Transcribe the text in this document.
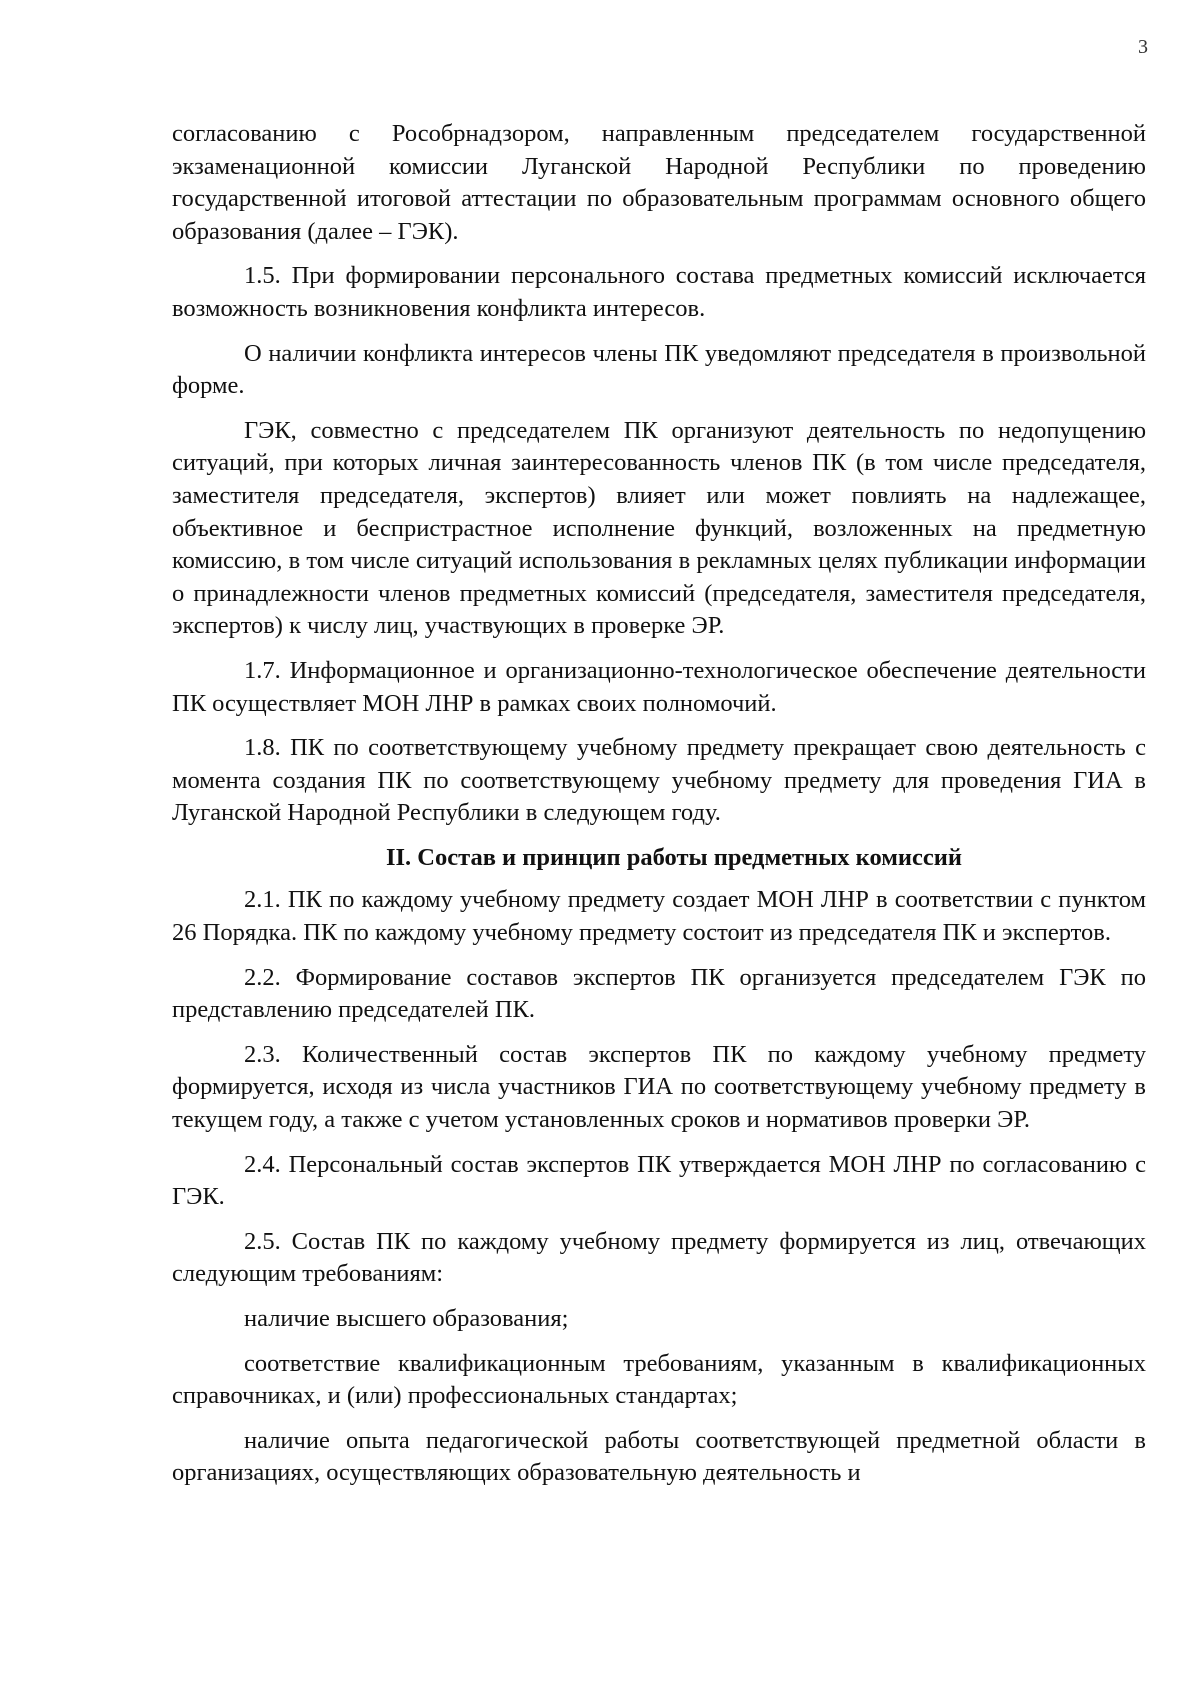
3

согласованию с Рособрнадзором, направленным председателем государственной экзаменационной комиссии Луганской Народной Республики по проведению государственной итоговой аттестации по образовательным программам основного общего образования (далее – ГЭК).

1.5. При формировании персонального состава предметных комиссий исключается возможность возникновения конфликта интересов.

О наличии конфликта интересов члены ПК уведомляют председателя в произвольной форме.

ГЭК, совместно с председателем ПК организуют деятельность по недопущению ситуаций, при которых личная заинтересованность членов ПК (в том числе председателя, заместителя председателя, экспертов) влияет или может повлиять на надлежащее, объективное и беспристрастное исполнение функций, возложенных на предметную комиссию, в том числе ситуаций использования в рекламных целях публикации информации о принадлежности членов предметных комиссий (председателя, заместителя председателя, экспертов) к числу лиц, участвующих в проверке ЭР.

1.7. Информационное и организационно-технологическое обеспечение деятельности ПК осуществляет МОН ЛНР в рамках своих полномочий.

1.8. ПК по соответствующему учебному предмету прекращает свою деятельность с момента создания ПК по соответствующему учебному предмету для проведения ГИА в Луганской Народной Республики в следующем году.

II. Состав и принцип работы предметных комиссий

2.1. ПК по каждому учебному предмету создает МОН ЛНР в соответствии с пунктом 26 Порядка. ПК по каждому учебному предмету состоит из председателя ПК и экспертов.

2.2. Формирование составов экспертов ПК организуется председателем ГЭК по представлению председателей ПК.

2.3. Количественный состав экспертов ПК по каждому учебному предмету формируется, исходя из числа участников ГИА по соответствующему учебному предмету в текущем году, а также с учетом установленных сроков и нормативов проверки ЭР.

2.4. Персональный состав экспертов ПК утверждается МОН ЛНР по согласованию с ГЭК.

2.5. Состав ПК по каждому учебному предмету формируется из лиц, отвечающих следующим требованиям:

наличие высшего образования;

соответствие квалификационным требованиям, указанным в квалификационных справочниках, и (или) профессиональных стандартах;

наличие опыта педагогической работы соответствующей предметной области в организациях, осуществляющих образовательную деятельность и
